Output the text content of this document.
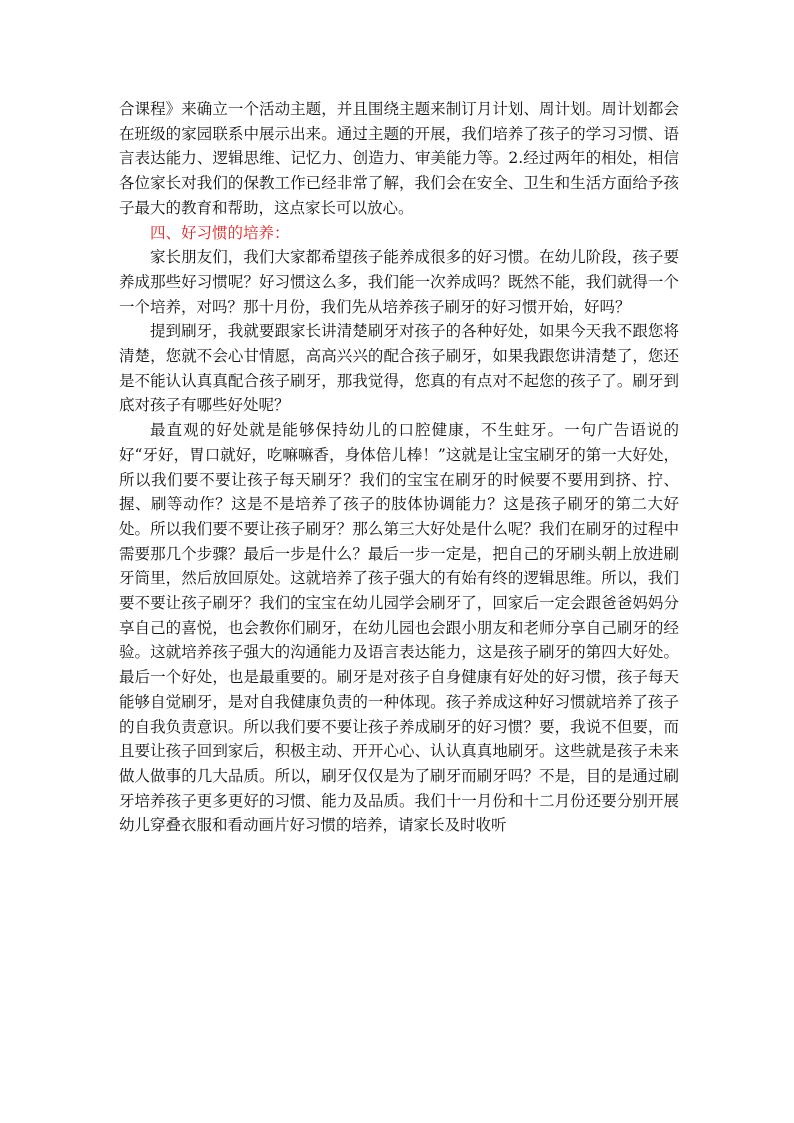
合课程》来确立一个活动主题，并且围绕主题来制订月计划、周计划。周计划都会在班级的家园联系中展示出来。通过主题的开展，我们培养了孩子的学习习惯、语言表达能力、逻辑思维、记忆力、创造力、审美能力等。2.经过两年的相处，相信各位家长对我们的保教工作已经非常了解，我们会在安全、卫生和生活方面给予孩子最大的教育和帮助，这点家长可以放心。

四、好习惯的培养：

家长朋友们，我们大家都希望孩子能养成很多的好习惯。在幼儿阶段，孩子要养成那些好习惯呢？好习惯这么多，我们能一次养成吗？既然不能，我们就得一个一个培养，对吗？那十月份，我们先从培养孩子刷牙的好习惯开始，好吗？

提到刷牙，我就要跟家长讲清楚刷牙对孩子的各种好处，如果今天我不跟您将清楚，您就不会心甘情愿，高高兴兴的配合孩子刷牙，如果我跟您讲清楚了，您还是不能认认真真配合孩子刷牙，那我觉得，您真的有点对不起您的孩子了。刷牙到底对孩子有哪些好处呢？

最直观的好处就是能够保持幼儿的口腔健康，不生蛀牙。一句广告语说的好“牙好，胃口就好，吃嘛嘛香，身体倍儿棒！”这就是让宝宝刷牙的第一大好处，所以我们要不要让孩子每天刷牙？我们的宝宝在刷牙的时候要不要用到挤、拧、握、刷等动作？这是不是培养了孩子的肢体协调能力？这是孩子刷牙的第二大好处。所以我们要不要让孩子刷牙？那么第三大好处是什么呢？我们在刷牙的过程中需要那几个步骤？最后一步是什么？最后一步一定是，把自己的牙刷头朝上放进刷牙筒里，然后放回原处。这就培养了孩子强大的有始有终的逻辑思维。所以，我们要不要让孩子刷牙？我们的宝宝在幼儿园学会刷牙了，回家后一定会跟爸爸妈妈分享自己的喜悦，也会教你们刷牙，在幼儿园也会跟小朋友和老师分享自己刷牙的经验。这就培养孩子强大的沟通能力及语言表达能力，这是孩子刷牙的第四大好处。最后一个好处，也是最重要的。刷牙是对孩子自身健康有好处的好习惯，孩子每天能够自觉刷牙，是对自我健康负责的一种体现。孩子养成这种好习惯就培养了孩子的自我负责意识。所以我们要不要让孩子养成刷牙的好习惯？要，我说不但要，而且要让孩子回到家后，积极主动、开开心心、认认真真地刷牙。这些就是孩子未来做人做事的几大品质。所以，刷牙仅仅是为了刷牙而刷牙吗？不是，目的是通过刷牙培养孩子更多更好的习惯、能力及品质。我们十一月份和十二月份还要分别开展幼儿穿叠衣服和看动画片好习惯的培养，请家长及时收听
